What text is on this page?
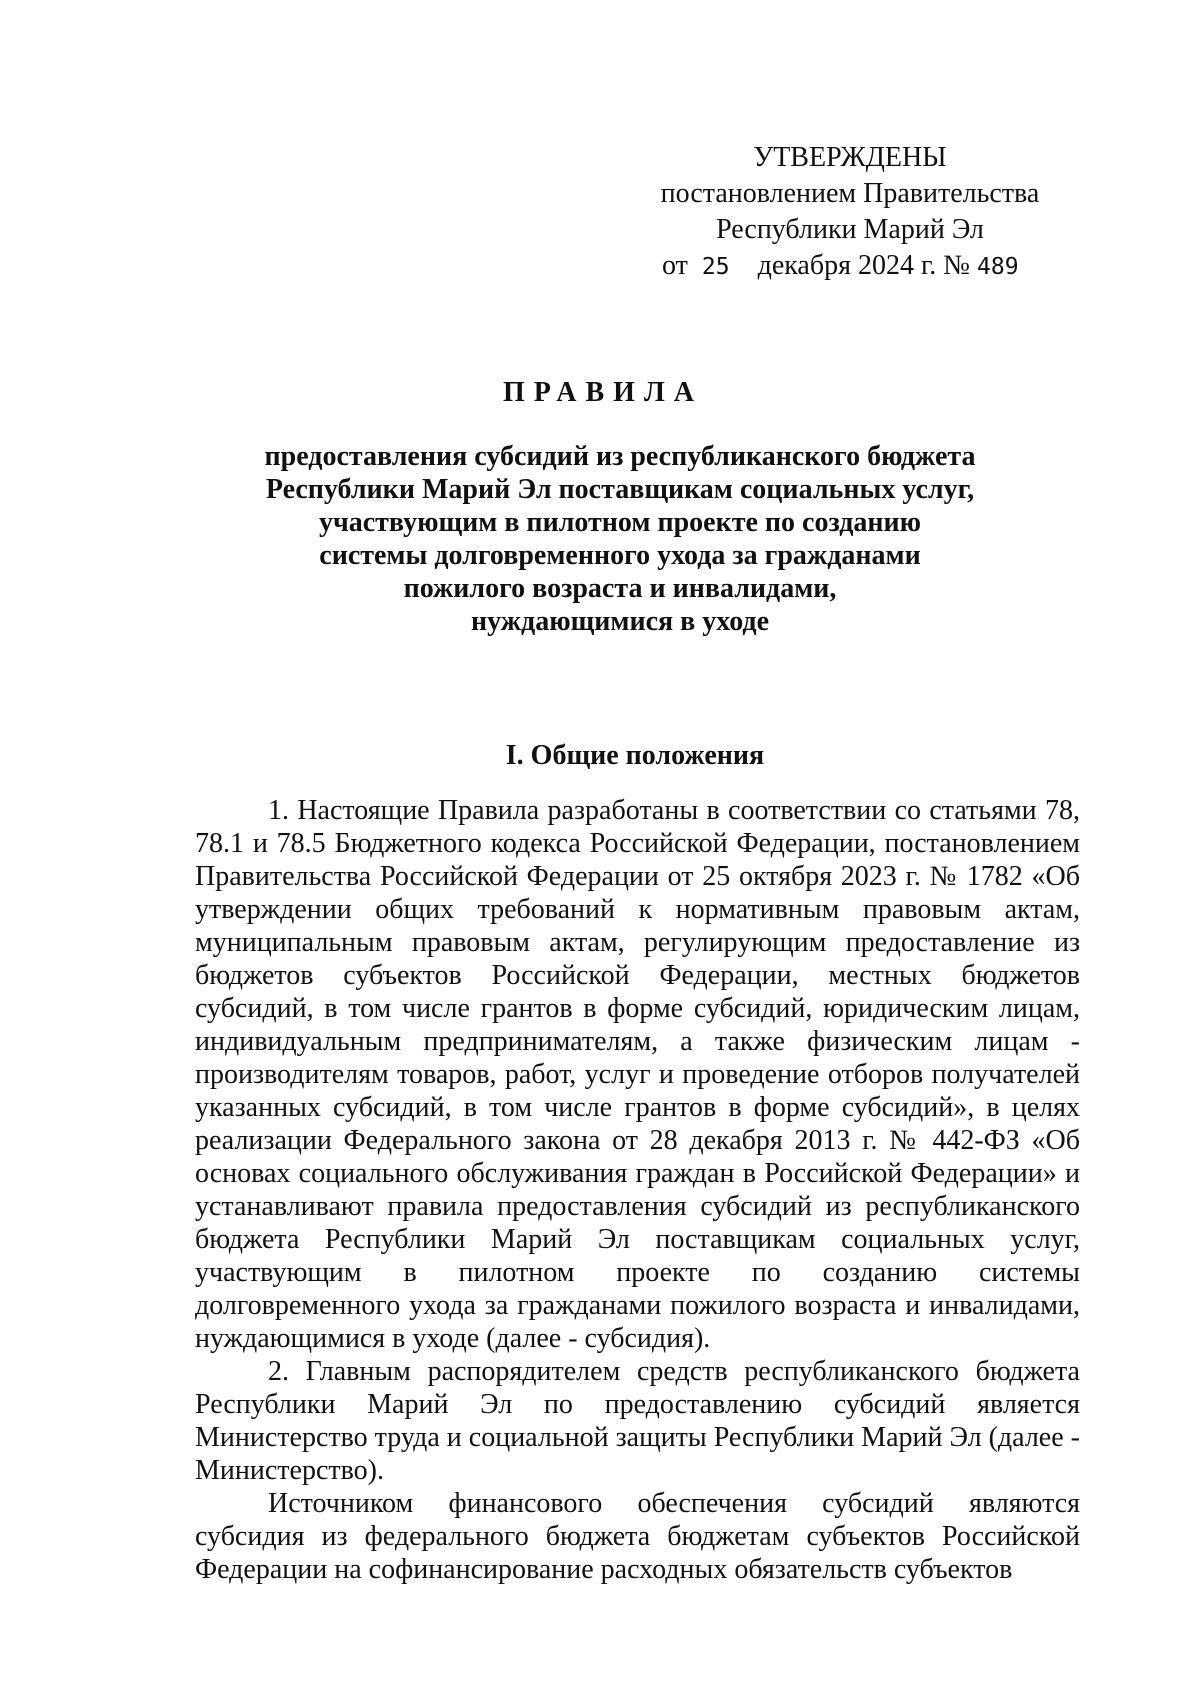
УТВЕРЖДЕНЫ
постановлением Правительства
Республики Марий Эл
от 25 декабря 2024 г. № 489
ПРАВИЛА
предоставления субсидий из республиканского бюджета
Республики Марий Эл поставщикам социальных услуг,
участвующим в пилотном проекте по созданию
системы долговременного ухода за гражданами
пожилого возраста и инвалидами,
нуждающимися в уходе
I. Общие положения

1. Настоящие Правила разработаны в соответствии со статьями 78, 78.1 и 78.5 Бюджетного кодекса Российской Федерации, постановлением Правительства Российской Федерации от 25 октября 2023 г. № 1782 «Об утверждении общих требований к нормативным правовым актам, муниципальным правовым актам, регулирующим предоставление из бюджетов субъектов Российской Федерации, местных бюджетов субсидий, в том числе грантов в форме субсидий, юридическим лицам, индивидуальным предпринимателям, а также физическим лицам - производителям товаров, работ, услуг и проведение отборов получателей указанных субсидий, в том числе грантов в форме субсидий», в целях реализации Федерального закона от 28 декабря 2013 г. № 442-ФЗ «Об основах социального обслуживания граждан в Российской Федерации» и устанавливают правила предоставления субсидий из республиканского бюджета Республики Марий Эл поставщикам социальных услуг, участвующим в пилотном проекте по созданию системы долговременного ухода за гражданами пожилого возраста и инвалидами, нуждающимися в уходе (далее - субсидия).

2. Главным распорядителем средств республиканского бюджета Республики Марий Эл по предоставлению субсидий является Министерство труда и социальной защиты Республики Марий Эл (далее - Министерство).

Источником финансового обеспечения субсидий являются субсидия из федерального бюджета бюджетам субъектов Российской Федерации на софинансирование расходных обязательств субъектов
